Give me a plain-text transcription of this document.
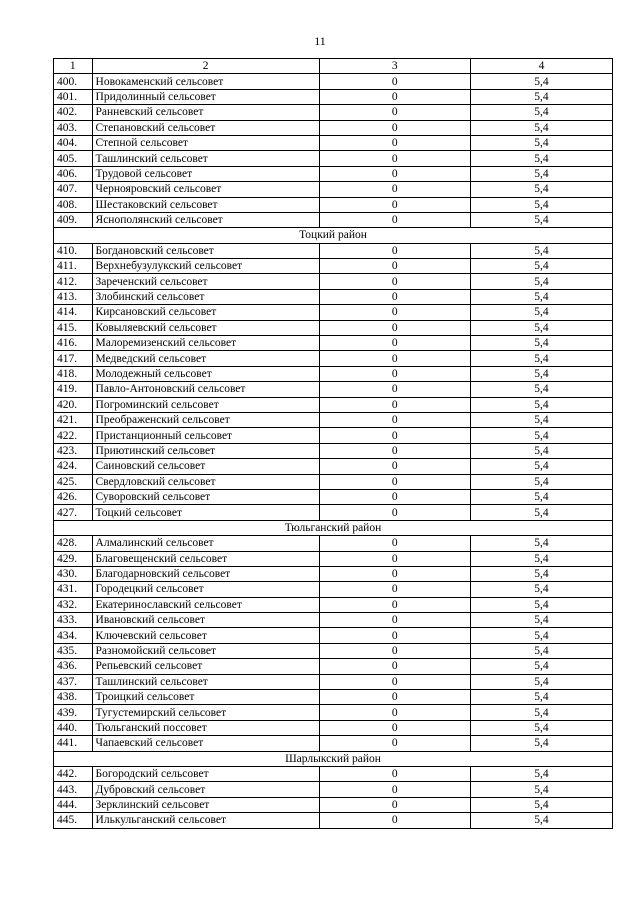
11
1	2	3	4
400.	Новокаменский сельсовет	0	5,4
401.	Придолинный сельсовет	0	5,4
402.	Ранневский сельсовет	0	5,4
403.	Степановский сельсовет	0	5,4
404.	Степной сельсовет	0	5,4
405.	Ташлинский сельсовет	0	5,4
406.	Трудовой сельсовет	0	5,4
407.	Чернояровский сельсовет	0	5,4
408.	Шестаковский сельсовет	0	5,4
409.	Яснополянский сельсовет	0	5,4
Тоцкий район			
410.	Богдановский сельсовет	0	5,4
411.	Верхнебузулукский сельсовет	0	5,4
412.	Зареченский сельсовет	0	5,4
413.	Злобинский сельсовет	0	5,4
414.	Кирсановский сельсовет	0	5,4
415.	Ковыляевский сельсовет	0	5,4
416.	Малоремизенский сельсовет	0	5,4
417.	Медведский сельсовет	0	5,4
418.	Молодежный сельсовет	0	5,4
419.	Павло-Антоновский сельсовет	0	5,4
420.	Погроминский сельсовет	0	5,4
421.	Преображенский сельсовет	0	5,4
422.	Пристанционный сельсовет	0	5,4
423.	Приютинский сельсовет	0	5,4
424.	Саиновский сельсовет	0	5,4
425.	Свердловский сельсовет	0	5,4
426.	Суворовский сельсовет	0	5,4
427.	Тоцкий сельсовет	0	5,4
Тюльганский район			
428.	Алмалинский сельсовет	0	5,4
429.	Благовещенский сельсовет	0	5,4
430.	Благодарновский сельсовет	0	5,4
431.	Городецкий сельсовет	0	5,4
432.	Екатеринославский сельсовет	0	5,4
433.	Ивановский сельсовет	0	5,4
434.	Ключевский сельсовет	0	5,4
435.	Разномойский сельсовет	0	5,4
436.	Репьевский сельсовет	0	5,4
437.	Ташлинский сельсовет	0	5,4
438.	Троицкий сельсовет	0	5,4
439.	Тугустемирский сельсовет	0	5,4
440.	Тюльганский поссовет	0	5,4
441.	Чапаевский сельсовет	0	5,4
Шарлыкский район			
442.	Богородский сельсовет	0	5,4
443.	Дубровский сельсовет	0	5,4
444.	Зерклинский сельсовет	0	5,4
445.	Илькульганский сельсовет	0	5,4
